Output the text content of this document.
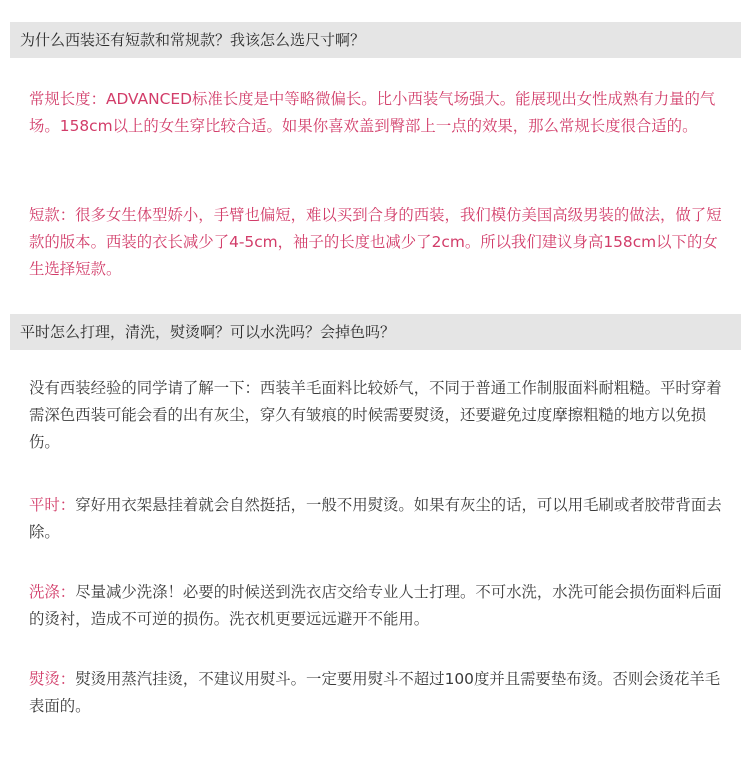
为什么西装还有短款和常规款？我该怎么选尺寸啊？

常规长度：ADVANCED标准长度是中等略微偏长。比小西装气场强大。能展现出女性成熟有力量的气场。158cm以上的女生穿比较合适。如果你喜欢盖到臀部上一点的效果，那么常规长度很合适的。

短款：很多女生体型娇小，手臂也偏短，难以买到合身的西装，我们模仿美国高级男装的做法，做了短款的版本。西装的衣长减少了4-5cm，袖子的长度也减少了2cm。所以我们建议身高158cm以下的女生选择短款。

平时怎么打理，清洗，熨烫啊？可以水洗吗？会掉色吗？

没有西装经验的同学请了解一下：西装羊毛面料比较娇气，不同于普通工作制服面料耐粗糙。平时穿着需深色西装可能会看的出有灰尘，穿久有皱痕的时候需要熨烫，还要避免过度摩擦粗糙的地方以免损伤。

平时：穿好用衣架悬挂着就会自然挺括，一般不用熨烫。如果有灰尘的话，可以用毛刷或者胶带背面去除。

洗涤：尽量减少洗涤！必要的时候送到洗衣店交给专业人士打理。不可水洗，水洗可能会损伤面料后面的烫衬，造成不可逆的损伤。洗衣机更要远远避开不能用。

熨烫：熨烫用蒸汽挂烫，不建议用熨斗。一定要用熨斗不超过100度并且需要垫布烫。否则会烫花羊毛表面的。
